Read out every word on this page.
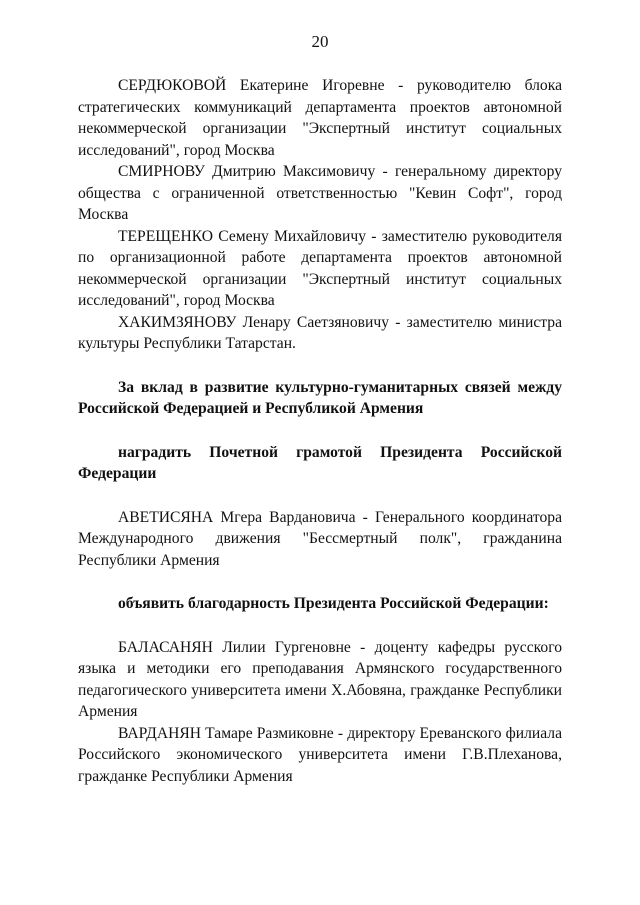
20

СЕРДЮКОВОЙ Екатерине Игоревне - руководителю блока стратегических коммуникаций департамента проектов автономной некоммерческой организации "Экспертный институт социальных исследований", город Москва

СМИРНОВУ Дмитрию Максимовичу - генеральному директору общества с ограниченной ответственностью "Кевин Софт", город Москва

ТЕРЕЩЕНКО Семену Михайловичу - заместителю руководителя по организационной работе департамента проектов автономной некоммерческой организации "Экспертный институт социальных исследований", город Москва

ХАКИМЗЯНОВУ Ленару Саетзяновичу - заместителю министра культуры Республики Татарстан.

За вклад в развитие культурно-гуманитарных связей между Российской Федерацией и Республикой Армения

наградить Почетной грамотой Президента Российской Федерации

АВЕТИСЯНА Мгера Вардановича - Генерального координатора Международного движения "Бессмертный полк", гражданина Республики Армения

объявить благодарность Президента Российской Федерации:

БАЛАСАНЯН Лилии Гургеновне - доценту кафедры русского языка и методики его преподавания Армянского государственного педагогического университета имени Х.Абовяна, гражданке Республики Армения

ВАРДАНЯН Тамаре Размиковне - директору Ереванского филиала Российского экономического университета имени Г.В.Плеханова, гражданке Республики Армения
